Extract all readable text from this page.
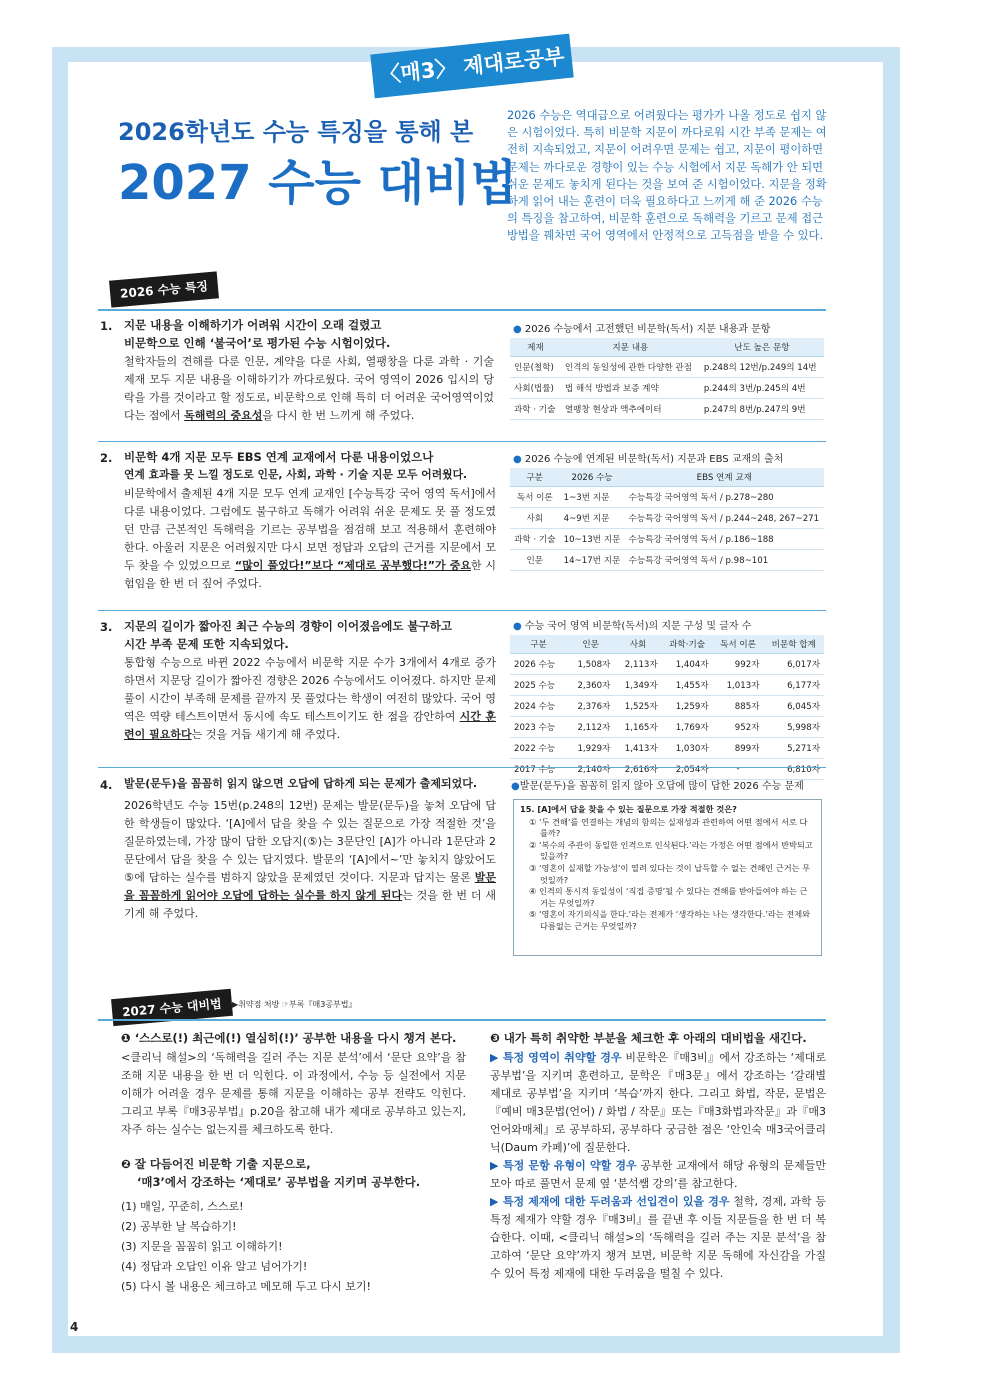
〈매3〉 제대로공부법
2026학년도 수능 특징을 통해 본
2027 수능 대비법
2026 수능은 역대급으로 어려웠다는 평가가 나올 정도로 쉽지 않은 시험이었다. 특히 비문학 지문이 까다로워 시간 부족 문제는 여전히 지속되었고, 지문이 어려우면 문제는 쉽고, 지문이 평이하면 문제는 까다로운 경향이 있는 수능 시험에서 지문 독해가 안 되면 쉬운 문제도 놓치게 된다는 것을 보여 준 시험이었다. 지문을 정확하게 읽어 내는 훈련이 더욱 필요하다고 느끼게 해 준 2026 수능의 특징을 참고하여, 비문학 훈련으로 독해력을 기르고 문제 접근 방법을 꿰차면 국어 영역에서 안정적으로 고득점을 받을 수 있다.
2026 수능 특징
1. 지문 내용을 이해하기가 어려워 시간이 오래 걸렸고
비문학으로 인해 ‘불국어’로 평가된 수능 시험이었다.
철학자들의 견해를 다룬 인문, 계약을 다룬 사회, 열팽창을 다룬 과학 · 기술 제재 모두 지문 내용을 이해하기가 까다로웠다. 국어 영역이 2026 입시의 당락을 가를 것이라고 할 정도로, 비문학으로 인해 특히 더 어려운 국어영역이었다는 점에서 독해력의 중요성을 다시 한 번 느끼게 해 주었다.
● 2026 수능에서 고전했던 비문학(독서) 지문 내용과 문항
제재	지문 내용	난도 높은 문항
인문(철학)	인격의 동일성에 관한 다양한 관점	p.248의 12번/p.249의 14번
사회(법률)	법 해석 방법과 보증 계약	p.244의 3번/p.245의 4번
과학 · 기술	열팽창 현상과 액추에이터	p.247의 8번/p.247의 9번
2. 비문학 4개 지문 모두 EBS 연계 교재에서 다룬 내용이었으나
연계 효과를 못 느낄 정도로 인문, 사회, 과학 · 기술 지문 모두 어려웠다.
비문학에서 출제된 4개 지문 모두 연계 교재인 [수능특강 국어 영역 독서]에서 다룬 내용이었다. 그럼에도 불구하고 독해가 어려워 쉬운 문제도 못 풀 정도였던 만큼 근본적인 독해력을 기르는 공부법을 점검해 보고 적용해서 훈련해야 한다. 아울러 지문은 어려웠지만 다시 보면 정답과 오답의 근거를 지문에서 모두 찾을 수 있었으므로 “많이 풀었다!”보다 “제대로 공부했다!”가 중요한 시험임을 한 번 더 짚어 주었다.
● 2026 수능에 연계된 비문학(독서) 지문과 EBS 교재의 출처
구분	2026 수능	EBS 연계 교재
독서 이론	1~3번 지문	수능특강 국어영역 독서 / p.278~280
사회	4~9번 지문	수능특강 국어영역 독서 / p.244~248, 267~271
과학 · 기술	10~13번 지문	수능특강 국어영역 독서 / p.186~188
인문	14~17번 지문	수능특강 국어영역 독서 / p.98~101
3. 지문의 길이가 짧아진 최근 수능의 경향이 이어졌음에도 불구하고
시간 부족 문제 또한 지속되었다.
통합형 수능으로 바뀐 2022 수능에서 비문학 지문 수가 3개에서 4개로 증가하면서 지문당 길이가 짧아진 경향은 2026 수능에서도 이어졌다. 하지만 문제 풀이 시간이 부족해 문제를 끝까지 못 풀었다는 학생이 여전히 많았다. 국어 영역은 역량 테스트이면서 동시에 속도 테스트이기도 한 점을 감안하여 시간 훈련이 필요하다는 것을 거듭 새기게 해 주었다.
● 수능 국어 영역 비문학(독서)의 지문 구성 및 글자 수
구분	인문	사회	과학·기술	독서 이론	비문학 합계
2026 수능	1,508자	2,113자	1,404자	992자	6,017자
2025 수능	2,360자	1,349자	1,455자	1,013자	6,177자
2024 수능	2,376자	1,525자	1,259자	885자	6,045자
2023 수능	2,112자	1,165자	1,769자	952자	5,998자
2022 수능	1,929자	1,413자	1,030자	899자	5,271자
2017 수능	2,140자	2,616자	2,054자	-	6,810자
4. 발문(문두)을 꼼꼼히 읽지 않으면 오답에 답하게 되는 문제가 출제되었다.
2026학년도 수능 15번(p.248의 12번) 문제는 발문(문두)을 놓쳐 오답에 답한 학생들이 많았다. ‘[A]에서 답을 찾을 수 있는 질문으로 가장 적절한 것’을 질문하였는데, 가장 많이 답한 오답지(⑤)는 3문단인 [A]가 아니라 1문단과 2문단에서 답을 찾을 수 있는 답지였다. 발문의 ‘[A]에서~’만 놓치지 않았어도 ⑤에 답하는 실수를 범하지 않았을 문제였던 것이다. 지문과 답지는 물론 발문을 꼼꼼하게 읽어야 오답에 답하는 실수를 하지 않게 된다는 것을 한 번 더 새기게 해 주었다.
●발문(문두)을 꼼꼼히 읽지 않아 오답에 많이 답한 2026 수능 문제
15. [A]에서 답을 찾을 수 있는 질문으로 가장 적절한 것은?
① ‘두 견해’를 연결하는 개념의 함의는 실재성과 관련하여 어떤 점에서 서로 다를까?
② ‘복수의 주관이 동일한 인격으로 인식된다.’라는 가정은 어떤 점에서 반박되고 있을까?
③ ‘영혼이 실재할 가능성’이 열려 있다는 것이 납득할 수 없는 견해인 근거는 무엇일까?
④ 인격의 통시적 동일성이 ‘직접 증명’될 수 있다는 견해를 받아들여야 하는 근거는 무엇일까?
⑤ ‘영혼이 자기의식을 한다.’라는 전제가 ‘생각하는 나는 생각한다.’라는 전제와 다름없는 근거는 무엇일까?
2027 수능 대비법	▶취약점 처방 ☞부록『매3공부법』
❶ ‘스스로(!) 최근에(!) 열심히(!)’ 공부한 내용을 다시 챙겨 본다.
<클리닉 해설>의 ‘독해력을 길러 주는 지문 분석’에서 ‘문단 요약’을 참조해 지문 내용을 한 번 더 익힌다. 이 과정에서, 수능 등 실전에서 지문 이해가 어려울 경우 문제를 통해 지문을 이해하는 공부 전략도 익힌다. 그리고 부록『매3공부법』p.20을 참고해 내가 제대로 공부하고 있는지, 자주 하는 실수는 없는지를 체크하도록 한다.
❷ 잘 다듬어진 비문학 기출 지문으로,
‘매3’에서 강조하는 ‘제대로’ 공부법을 지키며 공부한다.
(1) 매일, 꾸준히, 스스로!
(2) 공부한 날 복습하기!
(3) 지문을 꼼꼼히 읽고 이해하기!
(4) 정답과 오답인 이유 알고 넘어가기!
(5) 다시 볼 내용은 체크하고 메모해 두고 다시 보기!
❸ 내가 특히 취약한 부분을 체크한 후 아래의 대비법을 새긴다.
▶ 특정 영역이 취약할 경우 비문학은『매3비』에서 강조하는 ‘제대로 공부법’을 지키며 훈련하고, 문학은『매3문』에서 강조하는 ‘갈래별 제대로 공부법’을 지키며 ‘복습’까지 한다. 그리고 화법, 작문, 문법은『예비 매3문법(언어) / 화법 / 작문』또는『매3화법과작문』과『매3언어와매체』로 공부하되, 공부하다 궁금한 점은 ‘안인숙 매3국어클리닉(Daum 카페)’에 질문한다.
▶ 특정 문항 유형이 약할 경우 공부한 교재에서 해당 유형의 문제들만 모아 따로 풀면서 문제 옆 ‘분석쌤 강의’를 참고한다.
▶ 특정 제재에 대한 두려움과 선입견이 있을 경우 철학, 경제, 과학 등 특정 제재가 약할 경우『매3비』를 끝낸 후 이들 지문들을 한 번 더 복습한다. 이때, <클리닉 해설>의 ‘독해력을 길러 주는 지문 분석’을 참고하여 ‘문단 요약’까지 챙겨 보면, 비문학 지문 독해에 자신감을 가질 수 있어 특정 제재에 대한 두려움을 떨칠 수 있다.
4
